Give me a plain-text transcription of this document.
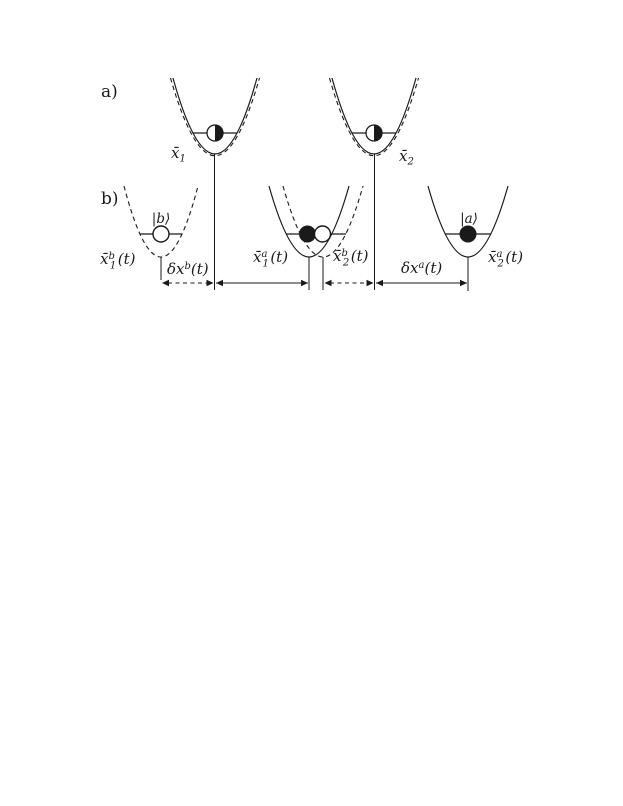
a)
b)
$x̄_1$	$x̄_2$
|b⟩	|a⟩
x̄$^b$ 1 (t)	x̄$^a$ 1 (t)	x̄$^b$ 2 (t)	x̄$^a$ 2 (t)
$\delta x^b(t)$	$\delta x^a(t)$
